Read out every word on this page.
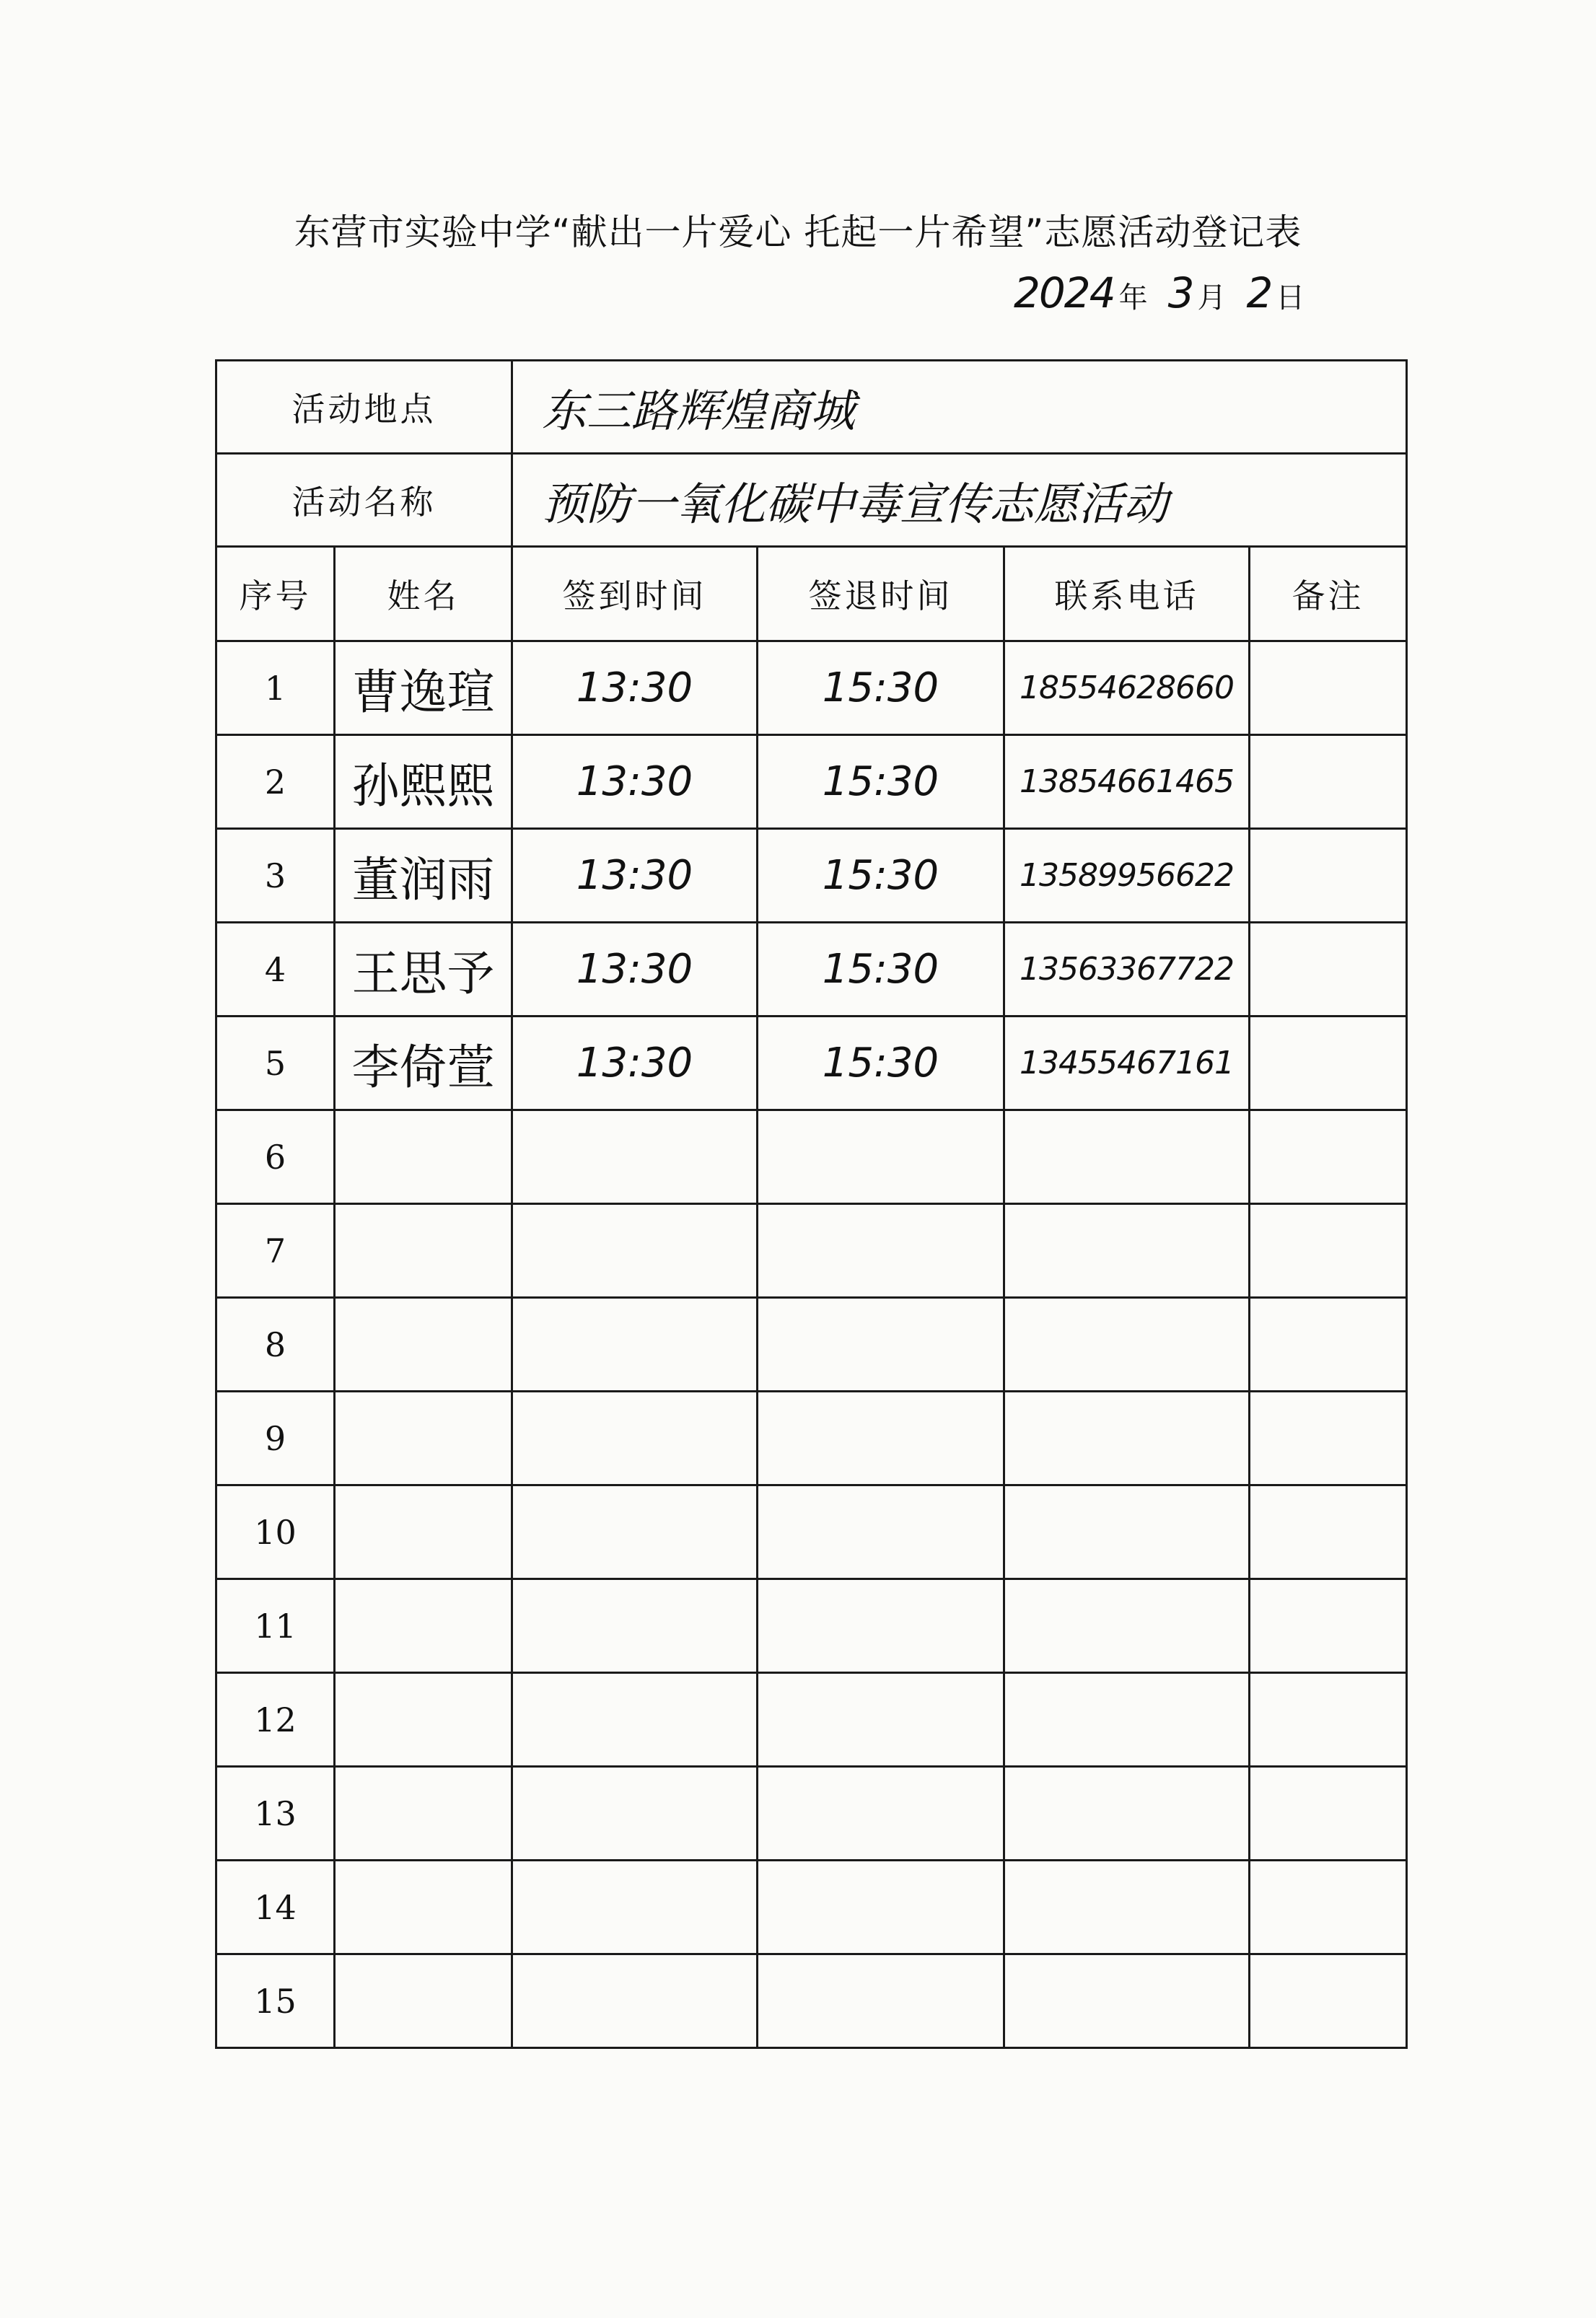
东营市实验中学“献出一片爱心 托起一片希望”志愿活动登记表
2024 年 3 月 2 日
活动地点		东三路辉煌商城			
活动名称		预防一氧化碳中毒宣传志愿活动			
序号	姓名	签到时间	签退时间	联系电话	备注
1	曹逸瑄	13:30	15:30	18554628660	
2	孙熙熙	13:30	15:30	13854661465	
3	董润雨	13:30	15:30	13589956622	
4	王思予	13:30	15:30	13563367722	
5	李倚萱	13:30	15:30	13455467161	
6					
7					
8					
9					
10					
11					
12					
13					
14					
15					
